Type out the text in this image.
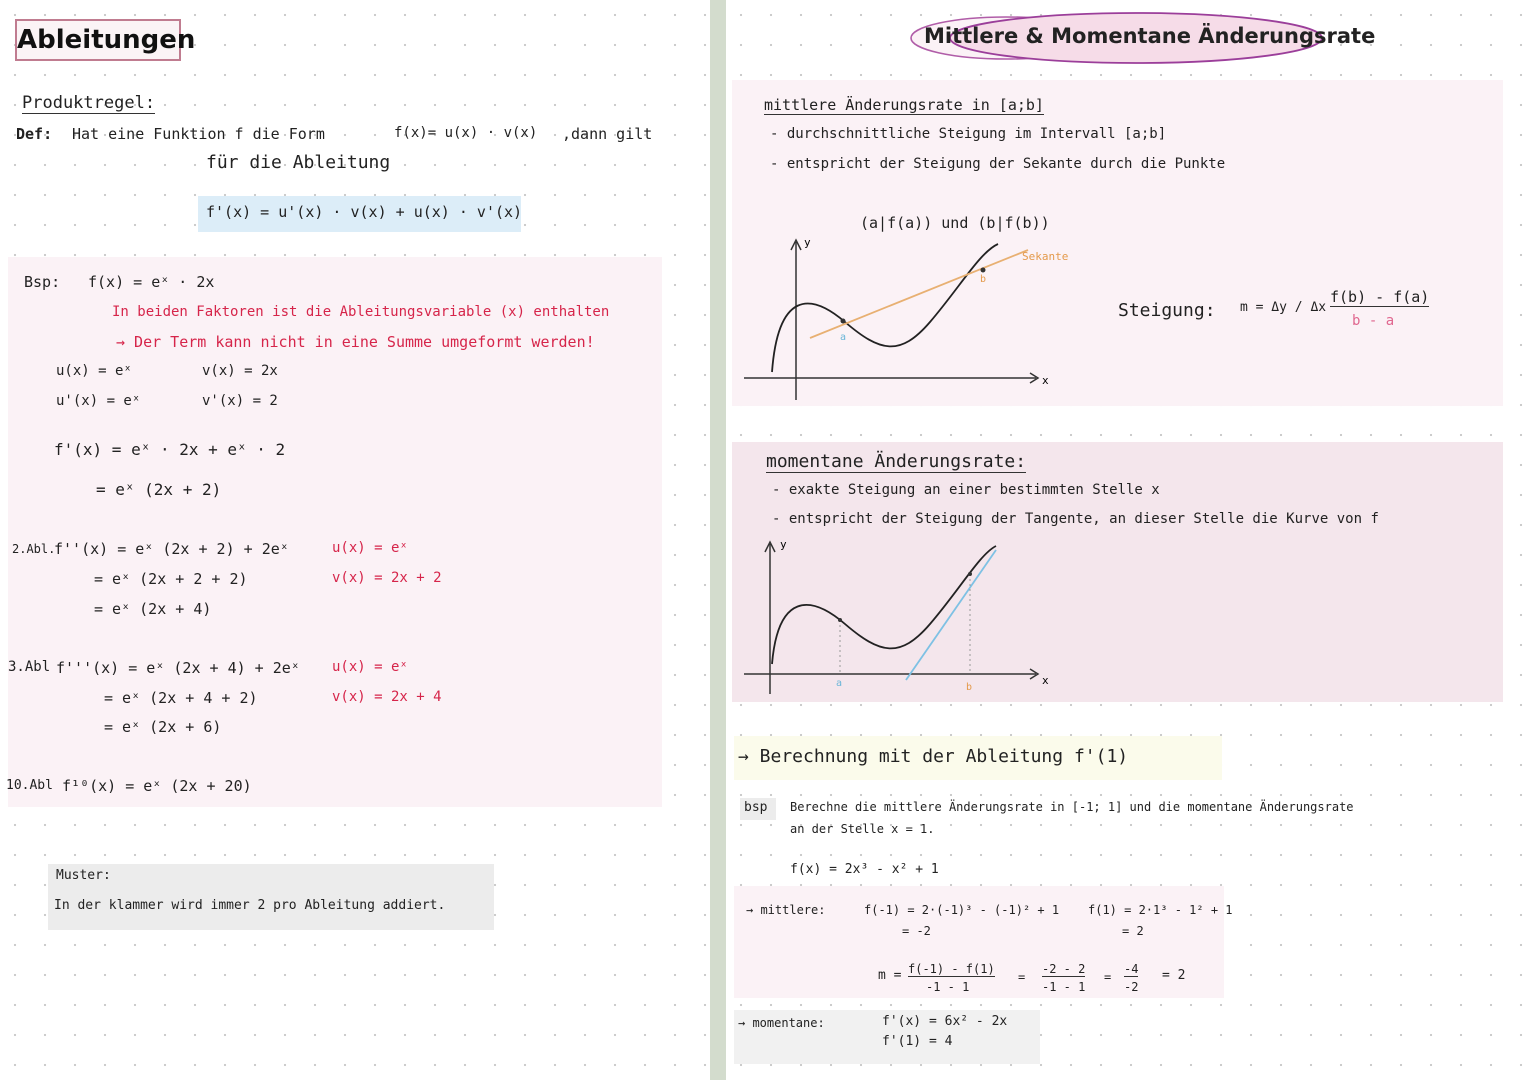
Ableitungen
Produktregel:
Def: Hat eine Funktion f die Form	f(x)= u(x) · v(x) ,dann gilt
für die Ableitung
f'(x) = u'(x) · v(x) + u(x) · v'(x)
Bsp: f(x) = eˣ · 2x
In beiden Faktoren ist die Ableitungsvariable (x) enthalten
→ Der Term kann nicht in eine Summe umgeformt werden!
u(x) = eˣ	v(x) = 2x
u'(x) = eˣ	v'(x) = 2
f'(x) = eˣ · 2x + eˣ · 2
= eˣ (2x + 2)
2.Abl.
f''(x) = eˣ (2x + 2) + 2eˣ
= eˣ (2x + 2 + 2)
= eˣ (2x + 4)
u(x) = eˣ
v(x) = 2x + 2
3.Abl f'''(x) = eˣ (2x + 4) + 2eˣ
= eˣ (2x + 4 + 2)
= eˣ (2x + 6)
u(x) = eˣ
v(x) = 2x + 4
10.Abl f¹⁰(x) = eˣ (2x + 20)
Muster:
In der klammer wird immer 2 pro Ableitung addiert.
Mittlere & Momentane Änderungsrate
mittlere Änderungsrate in [a;b]
- durchschnittliche Steigung im Intervall [a;b]
- entspricht der Steigung der Sekante durch die Punkte
(a|f(a)) und (b|f(b))
x
y
a
b
Sekante
Steigung: m = Δy / Δx
f(b) - f(a)
b - a
momentane Änderungsrate:
- exakte Steigung an einer bestimmten Stelle x
- entspricht der Steigung der Tangente, an dieser Stelle die Kurve von f
x
y
a	b
→ Berechnung mit der Ableitung f'(1)
bsp Berechne die mittlere Änderungsrate in [-1; 1] und die momentane Änderungsrate
an der Stelle x = 1.
f(x) = 2x³ - x² + 1
→ mittlere:	f(-1) = 2·(-1)³ - (-1)² + 1
= -2
f(1) = 2·1³ - 1² + 1
= 2
m = f(-1) - f(1)
-1 - 1
=
-2 - 2
-1 - 1
=
-4
-2
= 2
→ momentane:	f'(x) = 6x² - 2x
f'(1) = 4
